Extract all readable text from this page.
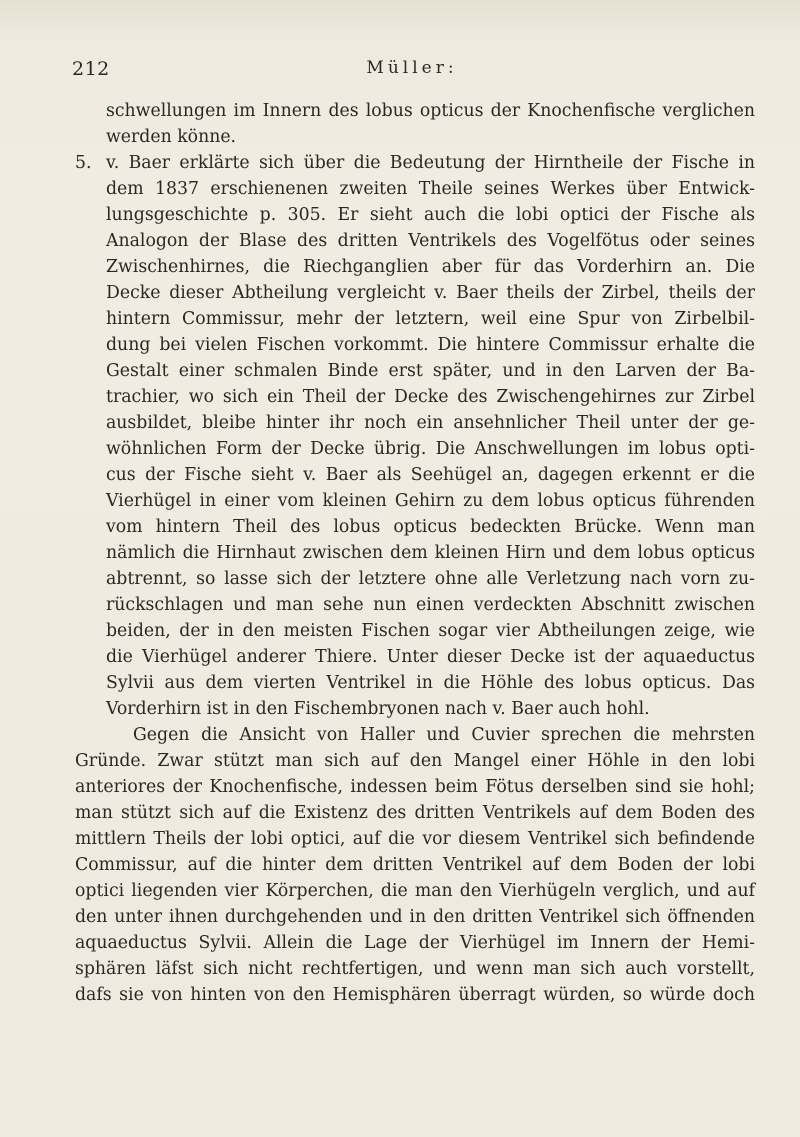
212	Müller:
schwellungen im Innern des lobus opticus der Knochenfische verglichen
werden könne.
5. v. Baer erklärte sich über die Bedeutung der Hirntheile der Fische in
dem 1837 erschienenen zweiten Theile seines Werkes über Entwick-
lungsgeschichte p. 305. Er sieht auch die lobi optici der Fische als
Analogon der Blase des dritten Ventrikels des Vogelfötus oder seines
Zwischenhirnes, die Riechganglien aber für das Vorderhirn an. Die
Decke dieser Abtheilung vergleicht v. Baer theils der Zirbel, theils der
hintern Commissur, mehr der letztern, weil eine Spur von Zirbelbil-
dung bei vielen Fischen vorkommt. Die hintere Commissur erhalte die
Gestalt einer schmalen Binde erst später, und in den Larven der Ba-
trachier, wo sich ein Theil der Decke des Zwischengehirnes zur Zirbel
ausbildet, bleibe hinter ihr noch ein ansehnlicher Theil unter der ge-
wöhnlichen Form der Decke übrig. Die Anschwellungen im lobus opti-
cus der Fische sieht v. Baer als Seehügel an, dagegen erkennt er die
Vierhügel in einer vom kleinen Gehirn zu dem lobus opticus führenden
vom hintern Theil des lobus opticus bedeckten Brücke. Wenn man
nämlich die Hirnhaut zwischen dem kleinen Hirn und dem lobus opticus
abtrennt, so lasse sich der letztere ohne alle Verletzung nach vorn zu-
rückschlagen und man sehe nun einen verdeckten Abschnitt zwischen
beiden, der in den meisten Fischen sogar vier Abtheilungen zeige, wie
die Vierhügel anderer Thiere. Unter dieser Decke ist der aquaeductus
Sylvii aus dem vierten Ventrikel in die Höhle des lobus opticus. Das
Vorderhirn ist in den Fischembryonen nach v. Baer auch hohl.
Gegen die Ansicht von Haller und Cuvier sprechen die mehrsten
Gründe. Zwar stützt man sich auf den Mangel einer Höhle in den lobi
anteriores der Knochenfische, indessen beim Fötus derselben sind sie hohl;
man stützt sich auf die Existenz des dritten Ventrikels auf dem Boden des
mittlern Theils der lobi optici, auf die vor diesem Ventrikel sich befindende
Commissur, auf die hinter dem dritten Ventrikel auf dem Boden der lobi
optici liegenden vier Körperchen, die man den Vierhügeln verglich, und auf
den unter ihnen durchgehenden und in den dritten Ventrikel sich öffnenden
aquaeductus Sylvii. Allein die Lage der Vierhügel im Innern der Hemi-
sphären läfst sich nicht rechtfertigen, und wenn man sich auch vorstellt,
dafs sie von hinten von den Hemisphären überragt würden, so würde doch
